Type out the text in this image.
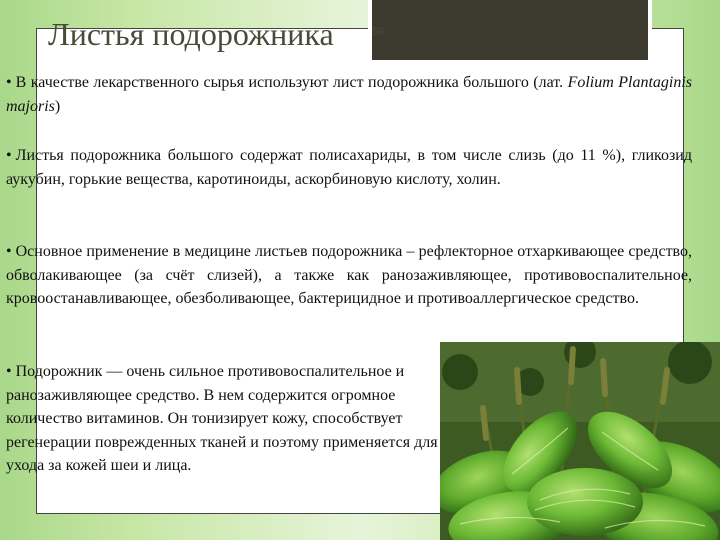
Листья подорожника	59

• В качестве лекарственного сырья используют лист подорожника большого (лат. Folium Plantaginis majoris)

• Листья подорожника большого содержат полисахариды, в том числе слизь (до 11 %), гликозид аукубин, горькие вещества, каротиноиды, аскорбиновую кислоту, холин.

• Основное применение в медицине листьев подорожника – рефлекторное отхаркивающее средство, обволакивающее (за счёт слизей), а также как ранозаживляющее, противовоспалительное, кровоостанавливающее, обезболивающее, бактерицидное и противоаллергическое средство.

• Подорожник — очень сильное противовоспалительное и ранозаживляющее средство. В нем содержится огромное количество витаминов. Он тонизирует кожу, способствует регенерации поврежденных тканей и поэтому применяется для ухода за кожей шеи и лица.
